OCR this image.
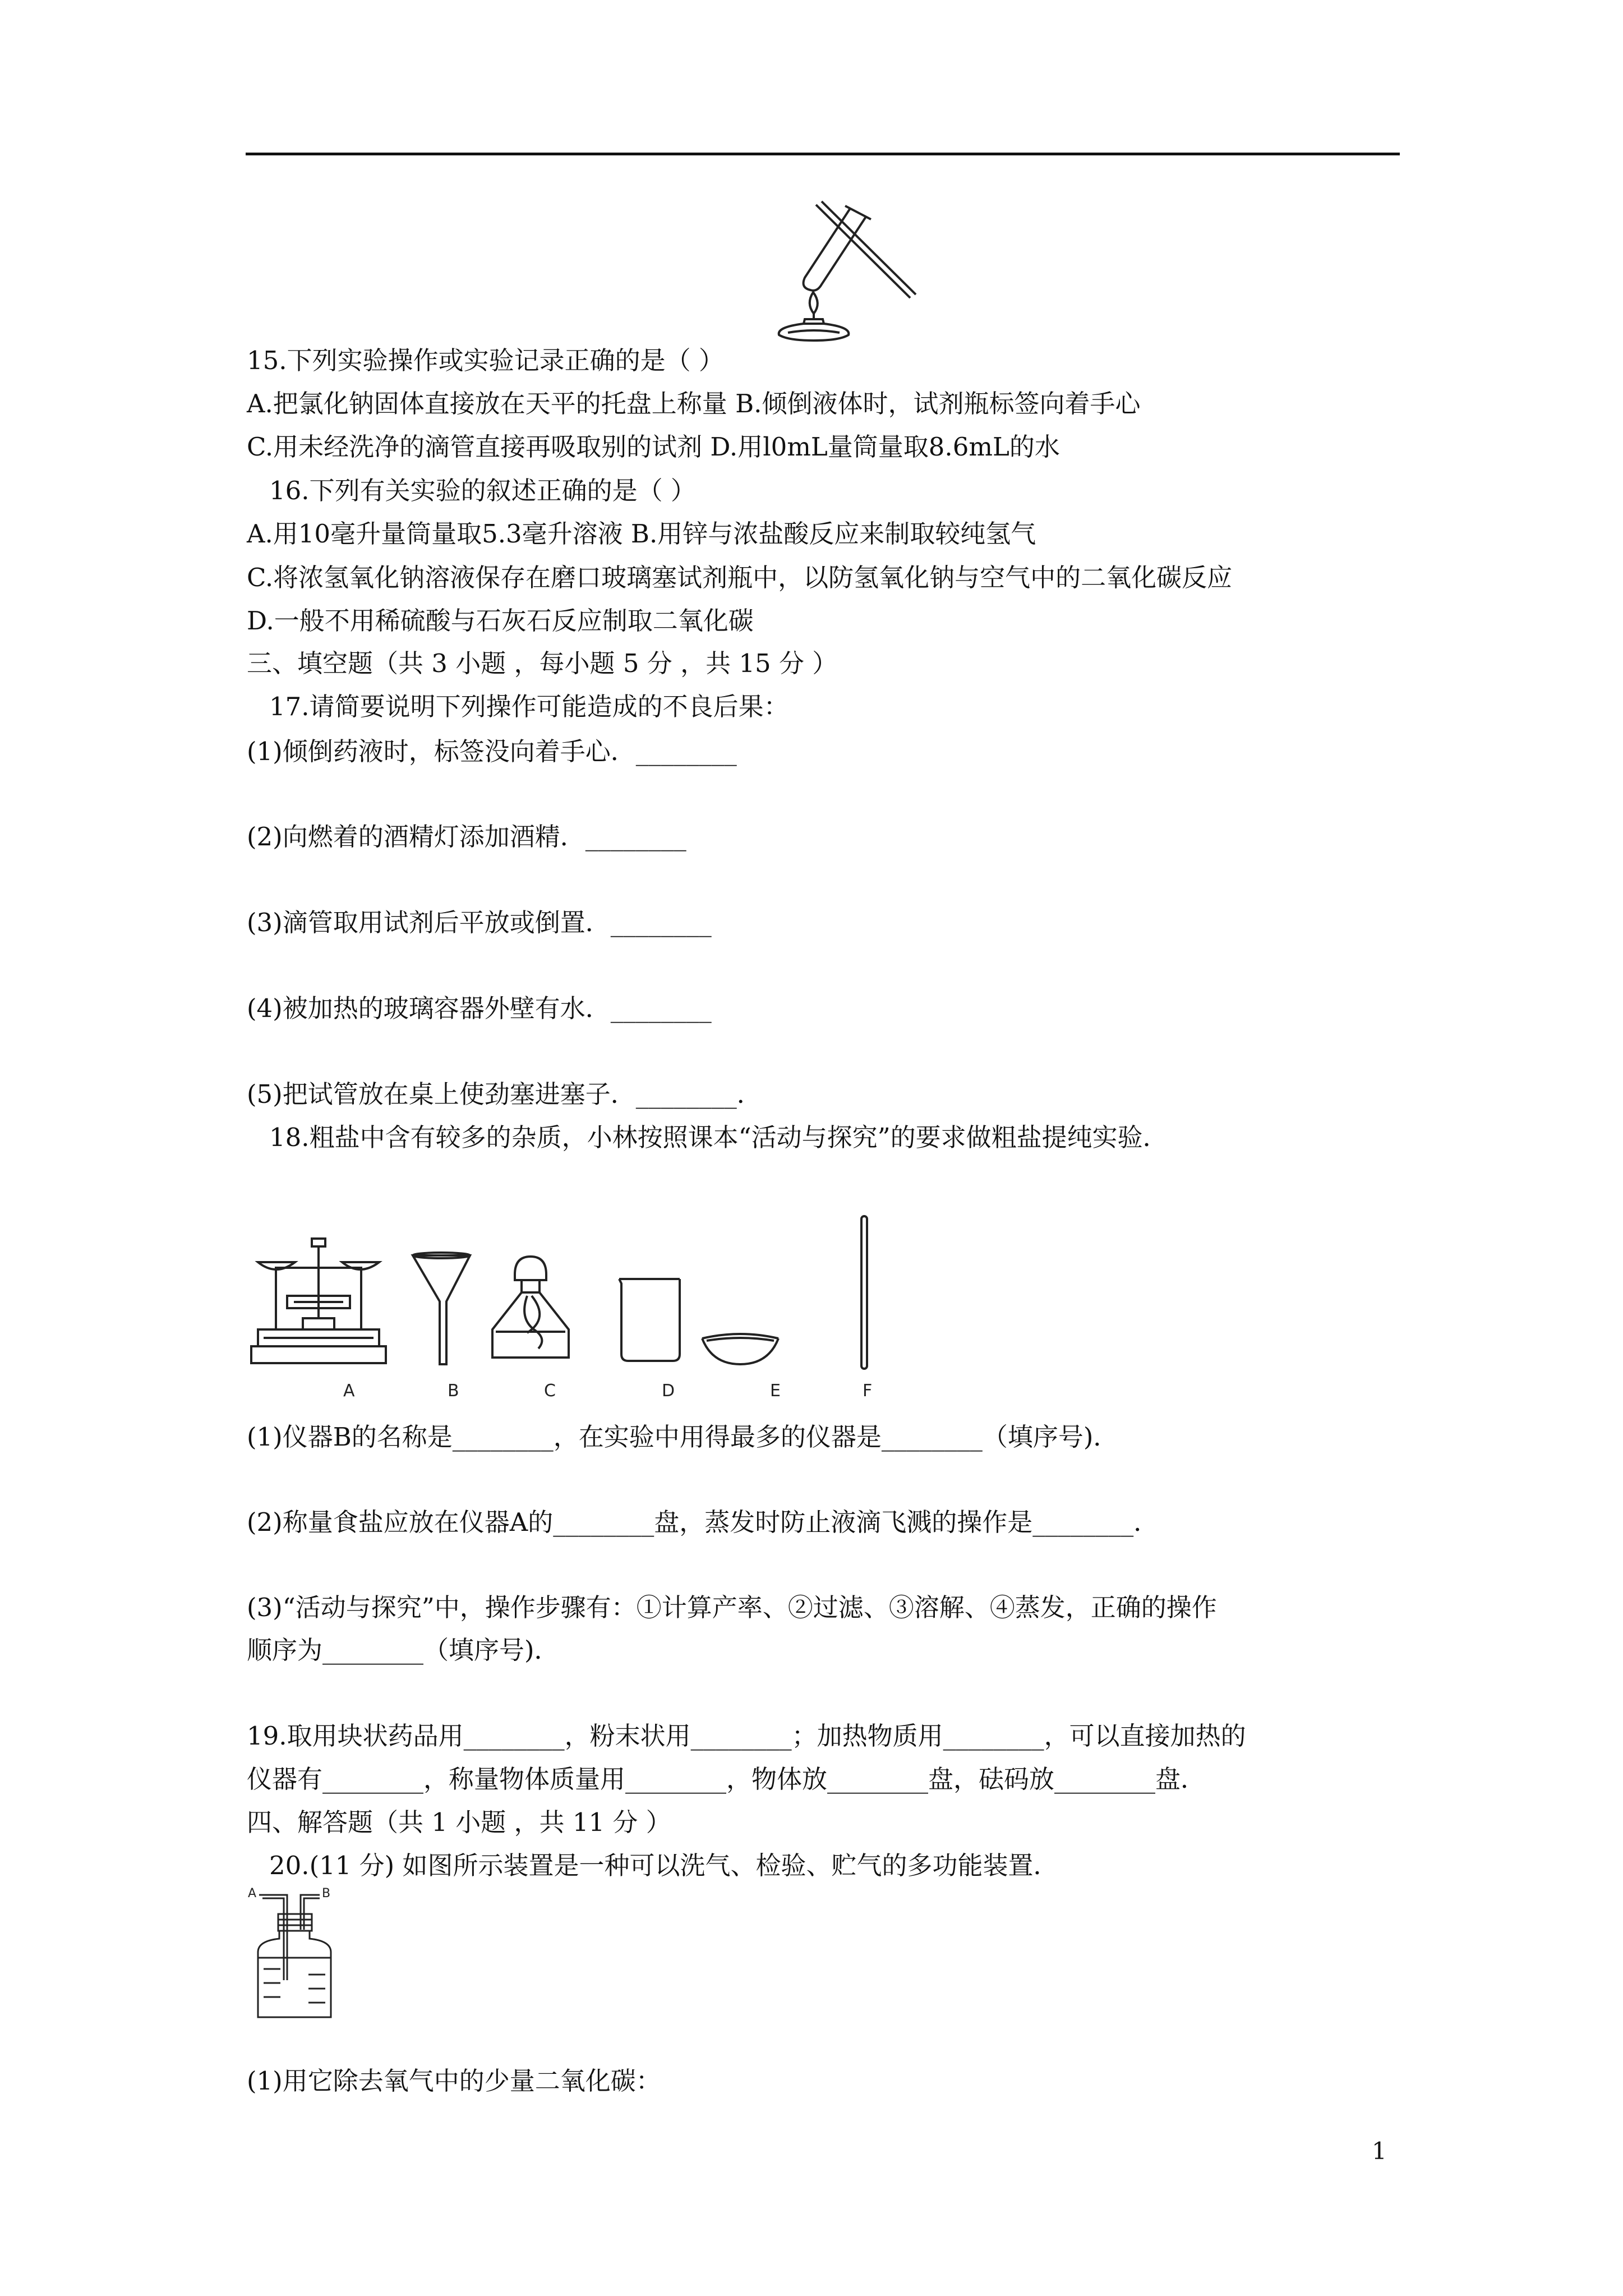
15.下列实验操作或实验记录正确的是（ ）
A.把氯化钠固体直接放在天平的托盘上称量 B.倾倒液体时，试剂瓶标签向着手心
C.用未经洗净的滴管直接再吸取别的试剂 D.用l0mL量筒量取8.6mL的水
16.下列有关实验的叙述正确的是（ ）
A.用10毫升量筒量取5.3毫升溶液 B.用锌与浓盐酸反应来制取较纯氢气
C.将浓氢氧化钠溶液保存在磨口玻璃塞试剂瓶中，以防氢氧化钠与空气中的二氧化碳反应
D.一般不用稀硫酸与石灰石反应制取二氧化碳
三、填空题（共 3 小题 ，每小题 5 分 ，共 15 分 ）
17.请简要说明下列操作可能造成的不良后果：
(1)倾倒药液时，标签没向着手心．________
(2)向燃着的酒精灯添加酒精．________
(3)滴管取用试剂后平放或倒置．________
(4)被加热的玻璃容器外壁有水．________
(5)把试管放在桌上使劲塞进塞子．________．
18.粗盐中含有较多的杂质，小林按照课本“活动与探究”的要求做粗盐提纯实验．
A	B	C	D	E	F
(1)仪器B的名称是________，在实验中用得最多的仪器是________（填序号)．
(2)称量食盐应放在仪器A的________盘，蒸发时防止液滴飞溅的操作是________．
(3)“活动与探究”中，操作步骤有：①计算产率、②过滤、③溶解、④蒸发，正确的操作
顺序为________（填序号)．
19.取用块状药品用________，粉末状用________；加热物质用________，可以直接加热的
仪器有________，称量物体质量用________，物体放________盘，砝码放________盘．
四、解答题（共 1 小题 ，共 11 分 ）
20.(11 分) 如图所示装置是一种可以洗气、检验、贮气的多功能装置．
A	B
(1)用它除去氧气中的少量二氧化碳：
1
